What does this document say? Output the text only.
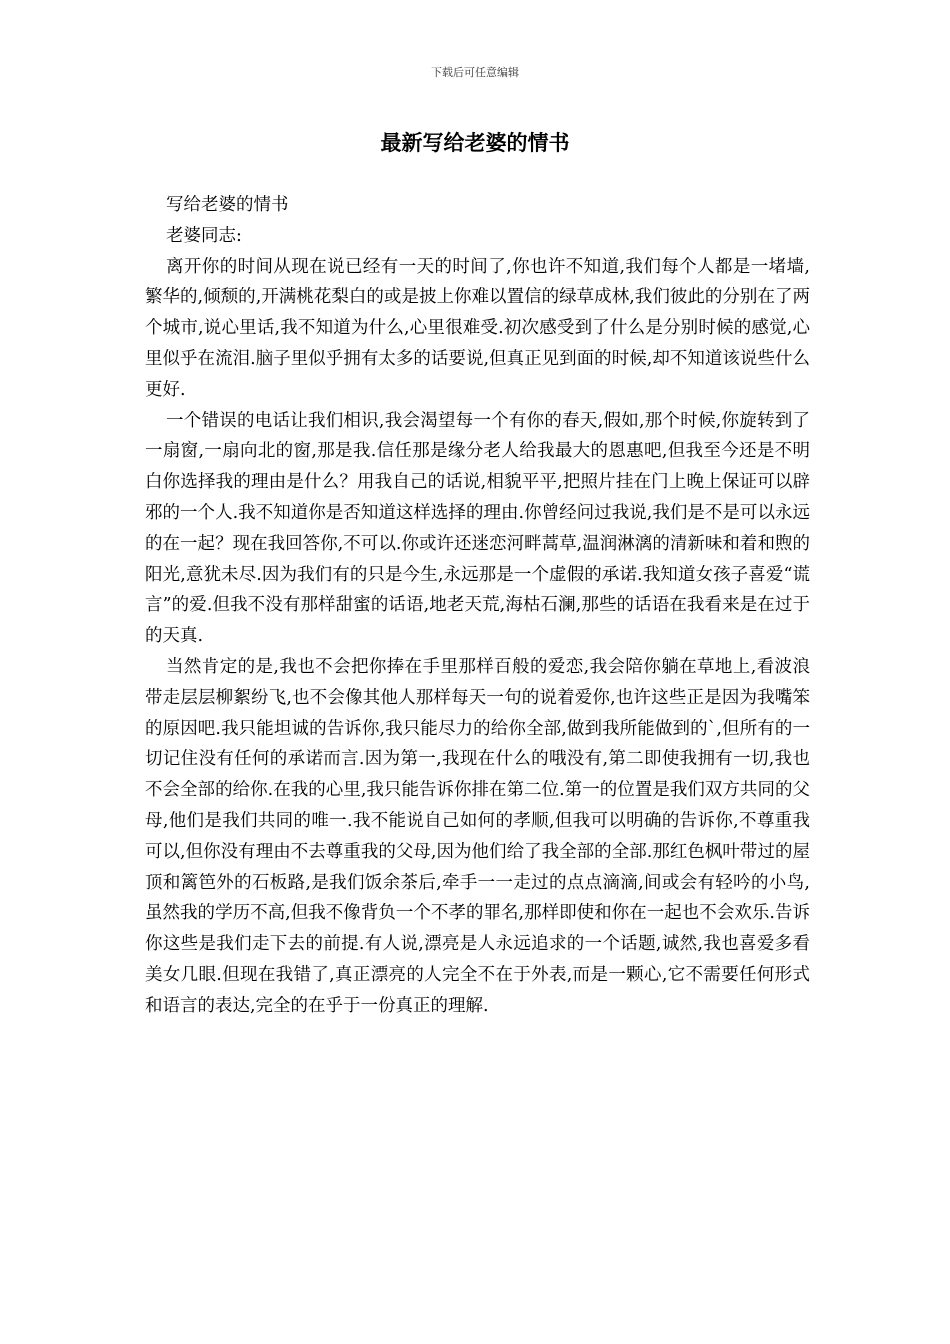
下载后可任意编辑
最新写给老婆的情书

写给老婆的情书

老婆同志:

离开你的时间从现在说已经有一天的时间了,你也许不知道,我们每个人都是一堵墙,繁华的,倾颓的,开满桃花梨白的或是披上你难以置信的绿草成林,我们彼此的分别在了两个城市,说心里话,我不知道为什么,心里很难受.初次感受到了什么是分别时候的感觉,心里似乎在流泪.脑子里似乎拥有太多的话要说,但真正见到面的时候,却不知道该说些什么更好.

一个错误的电话让我们相识,我会渴望每一个有你的春天,假如,那个时候,你旋转到了一扇窗,一扇向北的窗,那是我.信任那是缘分老人给我最大的恩惠吧,但我至今还是不明白你选择我的理由是什么？用我自己的话说,相貌平平,把照片挂在门上晚上保证可以辟邪的一个人.我不知道你是否知道这样选择的理由.你曾经问过我说,我们是不是可以永远的在一起？现在我回答你,不可以.你或许还迷恋河畔蒿草,温润淋漓的清新味和着和煦的阳光,意犹未尽.因为我们有的只是今生,永远那是一个虚假的承诺.我知道女孩子喜爱“谎言”的爱.但我不没有那样甜蜜的话语,地老天荒,海枯石澜,那些的话语在我看来是在过于的天真.

当然肯定的是,我也不会把你捧在手里那样百般的爱恋,我会陪你躺在草地上,看波浪带走层层柳絮纷飞,也不会像其他人那样每天一句的说着爱你,也许这些正是因为我嘴笨的原因吧.我只能坦诚的告诉你,我只能尽力的给你全部,做到我所能做到的`,但所有的一切记住没有任何的承诺而言.因为第一,我现在什么的哦没有,第二即使我拥有一切,我也不会全部的给你.在我的心里,我只能告诉你排在第二位.第一的位置是我们双方共同的父母,他们是我们共同的唯一.我不能说自己如何的孝顺,但我可以明确的告诉你,不尊重我可以,但你没有理由不去尊重我的父母,因为他们给了我全部的全部.那红色枫叶带过的屋顶和篱笆外的石板路,是我们饭余茶后,牵手一一走过的点点滴滴,间或会有轻吟的小鸟,虽然我的学历不高,但我不像背负一个不孝的罪名,那样即使和你在一起也不会欢乐.告诉你这些是我们走下去的前提.有人说,漂亮是人永远追求的一个话题,诚然,我也喜爱多看美女几眼.但现在我错了,真正漂亮的人完全不在于外表,而是一颗心,它不需要任何形式和语言的表达,完全的在乎于一份真正的理解.
